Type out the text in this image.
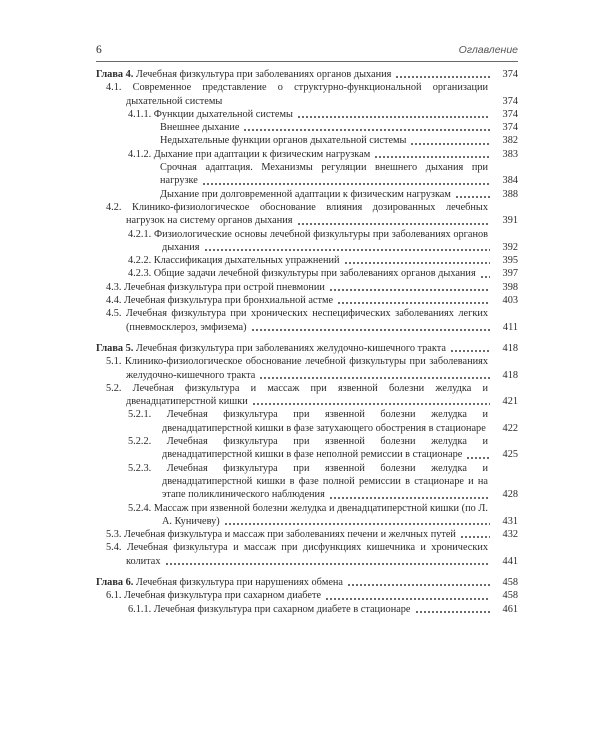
6	Оглавление
Глава 4. Лечебная физкультура при заболеваниях органов дыхания	374
4.1. Современное представление о структурно-функциональной организации дыхательной системы	374
4.1.1. Функции дыхательной системы	374
Внешнее дыхание	374
Недыхательные функции органов дыхательной системы	382
4.1.2. Дыхание при адаптации к физическим нагрузкам	383
Срочная адаптация. Механизмы регуляции внешнего дыхания при нагрузке	384
Дыхание при долговременной адаптации к физическим нагрузкам	388
4.2. Клинико-физиологическое обоснование влияния дозированных лечебных нагрузок на систему органов дыхания	391
4.2.1. Физиологические основы лечебной физкультуры при заболеваниях органов дыхания	392
4.2.2. Классификация дыхательных упражнений	395
4.2.3. Общие задачи лечебной физкультуры при заболеваниях органов дыхания	397
4.3. Лечебная физкультура при острой пневмонии	398
4.4. Лечебная физкультура при бронхиальной астме	403
4.5. Лечебная физкультура при хронических неспецифических заболеваниях легких (пневмосклероз, эмфизема)	411
Глава 5. Лечебная физкультура при заболеваниях желудочно-кишечного тракта	418
5.1. Клинико-физиологическое обоснование лечебной физкультуры при заболеваниях желудочно-кишечного тракта	418
5.2. Лечебная физкультура и массаж при язвенной болезни желудка и двенадцатиперстной кишки	421
5.2.1. Лечебная физкультура при язвенной болезни желудка и двенадцатиперстной кишки в фазе затухающего обострения в стационаре	422
5.2.2. Лечебная физкультура при язвенной болезни желудка и двенадцатиперстной кишки в фазе неполной ремиссии в стационаре	425
5.2.3. Лечебная физкультура при язвенной болезни желудка и двенадцатиперстной кишки в фазе полной ремиссии в стационаре и на этапе поликлинического наблюдения	428
5.2.4. Массаж при язвенной болезни желудка и двенадцатиперстной кишки (по Л. А. Куничеву)	431
5.3. Лечебная физкультура и массаж при заболеваниях печени и желчных путей	432
5.4. Лечебная физкультура и массаж при дисфункциях кишечника и хронических колитах	441
Глава 6. Лечебная физкультура при нарушениях обмена	458
6.1. Лечебная физкультура при сахарном диабете	458
6.1.1. Лечебная физкультура при сахарном диабете в стационаре	461
